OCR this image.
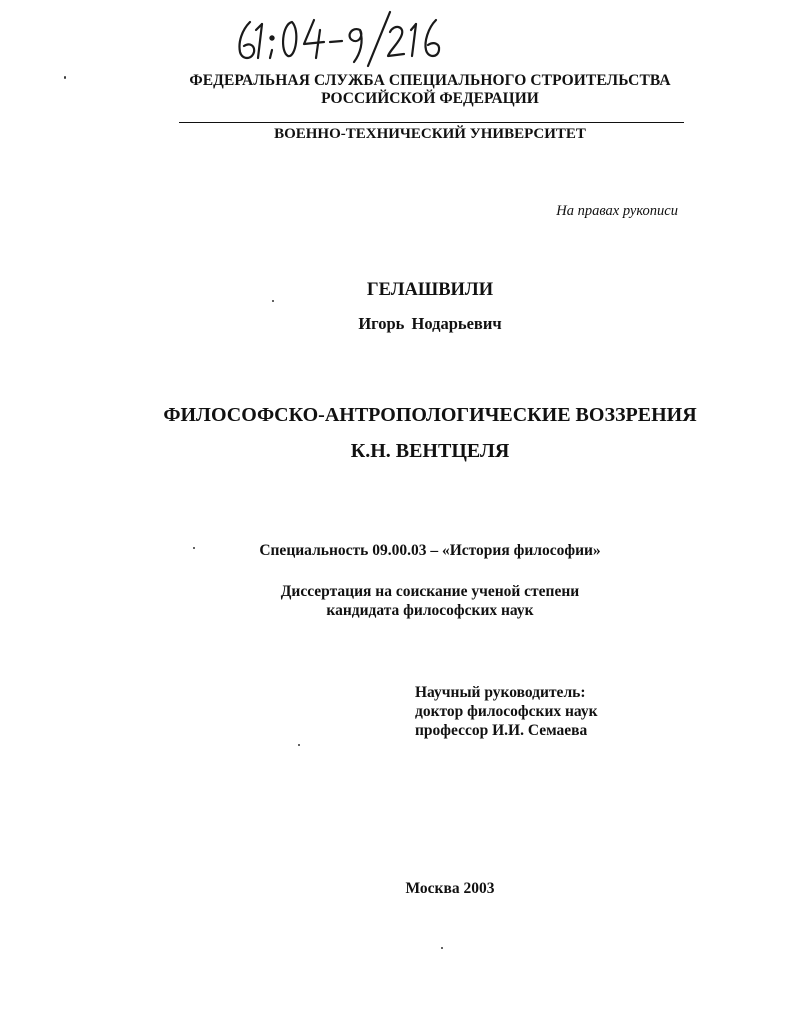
ФЕДЕРАЛЬНАЯ СЛУЖБА СПЕЦИАЛЬНОГО СТРОИТЕЛЬСТВА
РОССИЙСКОЙ ФЕДЕРАЦИИ
ВОЕННО-ТЕХНИЧЕСКИЙ УНИВЕРСИТЕТ
На правах рукописи
ГЕЛАШВИЛИ
Игорь Нодарьевич
ФИЛОСОФСКО-АНТРОПОЛОГИЧЕСКИЕ ВОЗЗРЕНИЯ
К.Н. ВЕНТЦЕЛЯ
Специальность 09.00.03 – «История философии»
Диссертация на соискание ученой степени
кандидата философских наук
Научный руководитель:
доктор философских наук
профессор И.И. Семаева
Москва 2003
